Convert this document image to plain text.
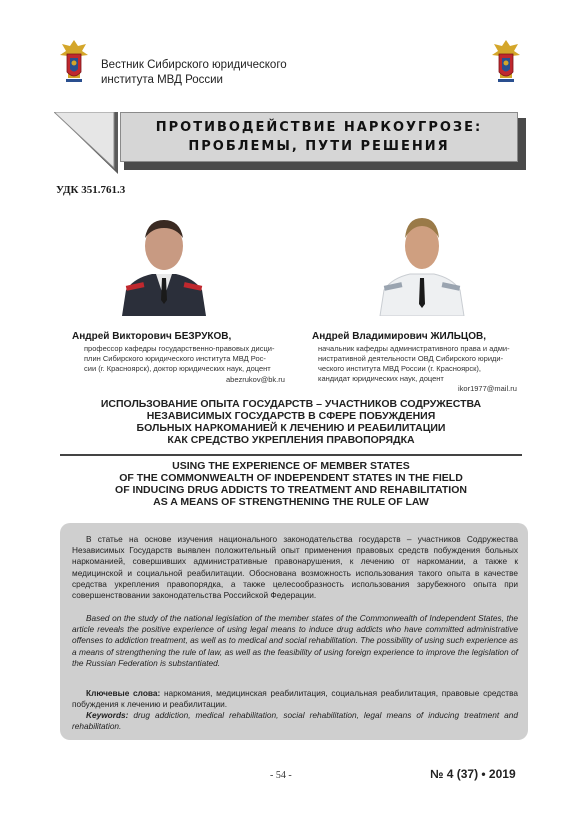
Вестник Сибирского юридического
института МВД России
ПРОТИВОДЕЙСТВИЕ НАРКОУГРОЗЕ:
ПРОБЛЕМЫ, ПУТИ РЕШЕНИЯ
УДК 351.761.3
Андрей Викторович БЕЗРУКОВ,
профессор кафедры государственно-правовых дисци-
плин Сибирского юридического института МВД Рос-
сии (г. Красноярск), доктор юридических наук, доцент
abezrukov@bk.ru
Андрей Владимирович ЖИЛЬЦОВ,
начальник кафедры административного права и адми-
нистративной деятельности ОВД Сибирского юриди-
ческого института МВД России (г. Красноярск),
кандидат юридических наук, доцент
ikor1977@mail.ru
ИСПОЛЬЗОВАНИЕ ОПЫТА ГОСУДАРСТВ – УЧАСТНИКОВ СОДРУЖЕСТВА
НЕЗАВИСИМЫХ ГОСУДАРСТВ В СФЕРЕ ПОБУЖДЕНИЯ
БОЛЬНЫХ НАРКОМАНИЕЙ К ЛЕЧЕНИЮ И РЕАБИЛИТАЦИИ
КАК СРЕДСТВО УКРЕПЛЕНИЯ ПРАВОПОРЯДКА
USING THE EXPERIENCE OF MEMBER STATES
OF THE COMMONWEALTH OF INDEPENDENT STATES IN THE FIELD
OF INDUCING DRUG ADDICTS TO TREATMENT AND REHABILITATION
AS A MEANS OF STRENGTHENING THE RULE OF LAW
В статье на основе изучения национального законодательства государств – участников Содружества Независимых Государств выявлен положительный опыт применения правовых средств побуждения больных наркоманией, совершивших административные правонарушения, к лечению от наркомании, а также к медицинской и социальной реабилитации. Обоснована возможность использования такого опыта в качестве средства укрепления правопорядка, а также целесообразность использования зарубежного опыта при совершенствовании законодательства Российской Федерации.
Based on the study of the national legislation of the member states of the Commonwealth of Independent States, the article reveals the positive experience of using legal means to induce drug addicts who have committed administrative offenses to addiction treatment, as well as to medical and social rehabilitation. The possibility of using such experience as a means of strengthening the rule of law, as well as the feasibility of using foreign experience to improve the legislation of the Russian Federation is substantiated.
Ключевые слова: наркомания, медицинская реабилитация, социальная реабилитация, правовые средства побуждения к лечению и реабилитации.
Keywords: drug addiction, medical rehabilitation, social rehabilitation, legal means of inducing treatment and rehabilitation.
- 54 -	№ 4 (37) • 2019
